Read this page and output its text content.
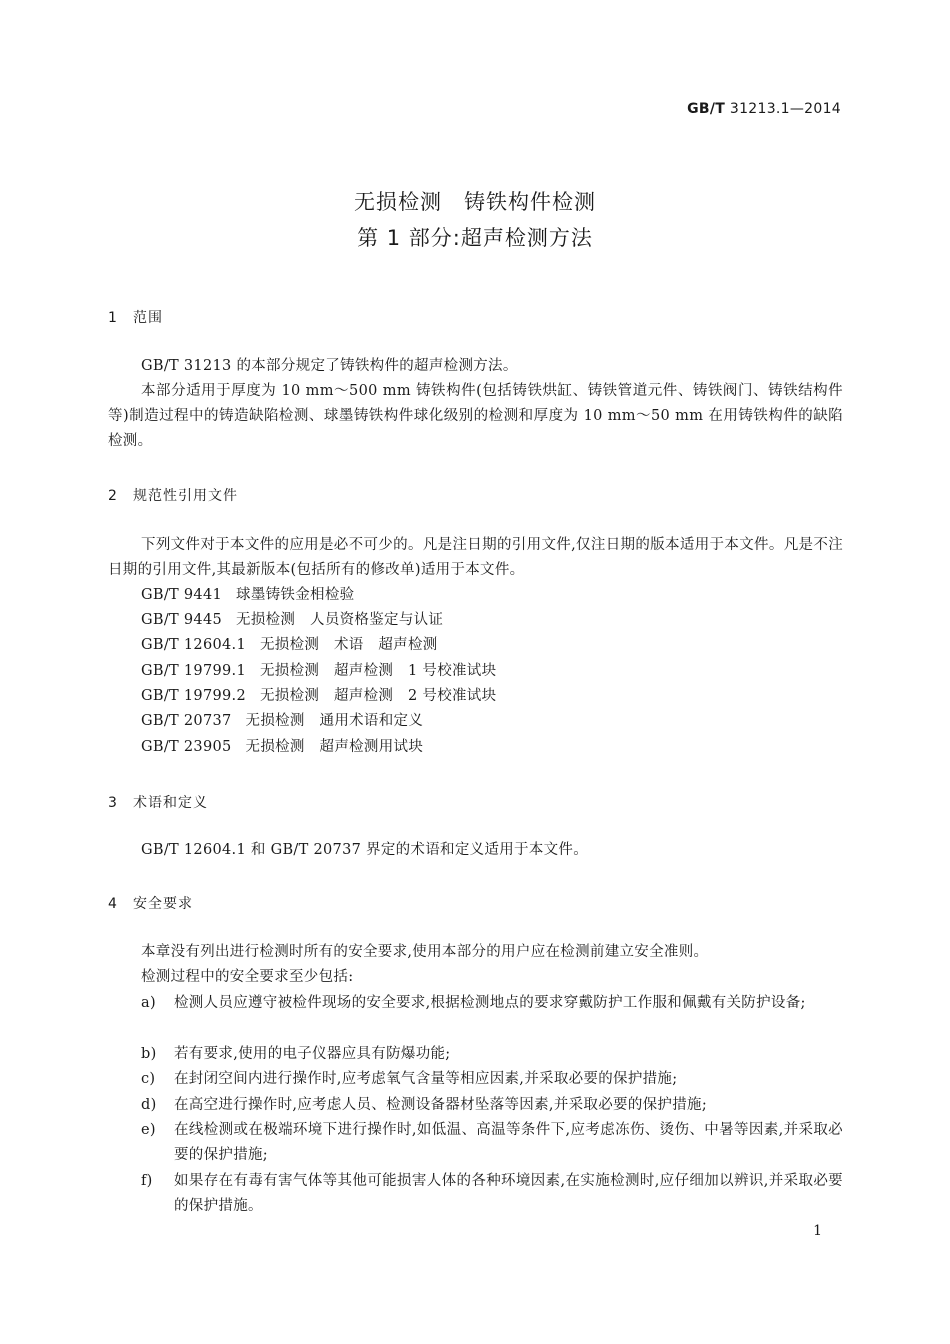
GB/T 31213.1—2014
无损检测　铸铁构件检测
第 1 部分:超声检测方法
1 范围
GB/T 31213 的本部分规定了铸铁构件的超声检测方法。
本部分适用于厚度为 10 mm～500 mm 铸铁构件(包括铸铁烘缸、铸铁管道元件、铸铁阀门、铸铁结构件等)制造过程中的铸造缺陷检测、球墨铸铁构件球化级别的检测和厚度为 10 mm～50 mm 在用铸铁构件的缺陷检测。
2 规范性引用文件
下列文件对于本文件的应用是必不可少的。凡是注日期的引用文件,仅注日期的版本适用于本文件。凡是不注日期的引用文件,其最新版本(包括所有的修改单)适用于本文件。
GB/T 9441 球墨铸铁金相检验
GB/T 9445 无损检测　人员资格鉴定与认证
GB/T 12604.1 无损检测　术语　超声检测
GB/T 19799.1 无损检测　超声检测　1 号校准试块
GB/T 19799.2 无损检测　超声检测　2 号校准试块
GB/T 20737 无损检测　通用术语和定义
GB/T 23905 无损检测　超声检测用试块
3 术语和定义
GB/T 12604.1 和 GB/T 20737 界定的术语和定义适用于本文件。
4 安全要求
本章没有列出进行检测时所有的安全要求,使用本部分的用户应在检测前建立安全准则。
检测过程中的安全要求至少包括:
a)	检测人员应遵守被检件现场的安全要求,根据检测地点的要求穿戴防护工作服和佩戴有关防护设备;
b)	若有要求,使用的电子仪器应具有防爆功能;
c)	在封闭空间内进行操作时,应考虑氧气含量等相应因素,并采取必要的保护措施;
d)	在高空进行操作时,应考虑人员、检测设备器材坠落等因素,并采取必要的保护措施;
e)	在线检测或在极端环境下进行操作时,如低温、高温等条件下,应考虑冻伤、烫伤、中暑等因素,并采取必要的保护措施;
f)	如果存在有毒有害气体等其他可能损害人体的各种环境因素,在实施检测时,应仔细加以辨识,并采取必要的保护措施。
1
